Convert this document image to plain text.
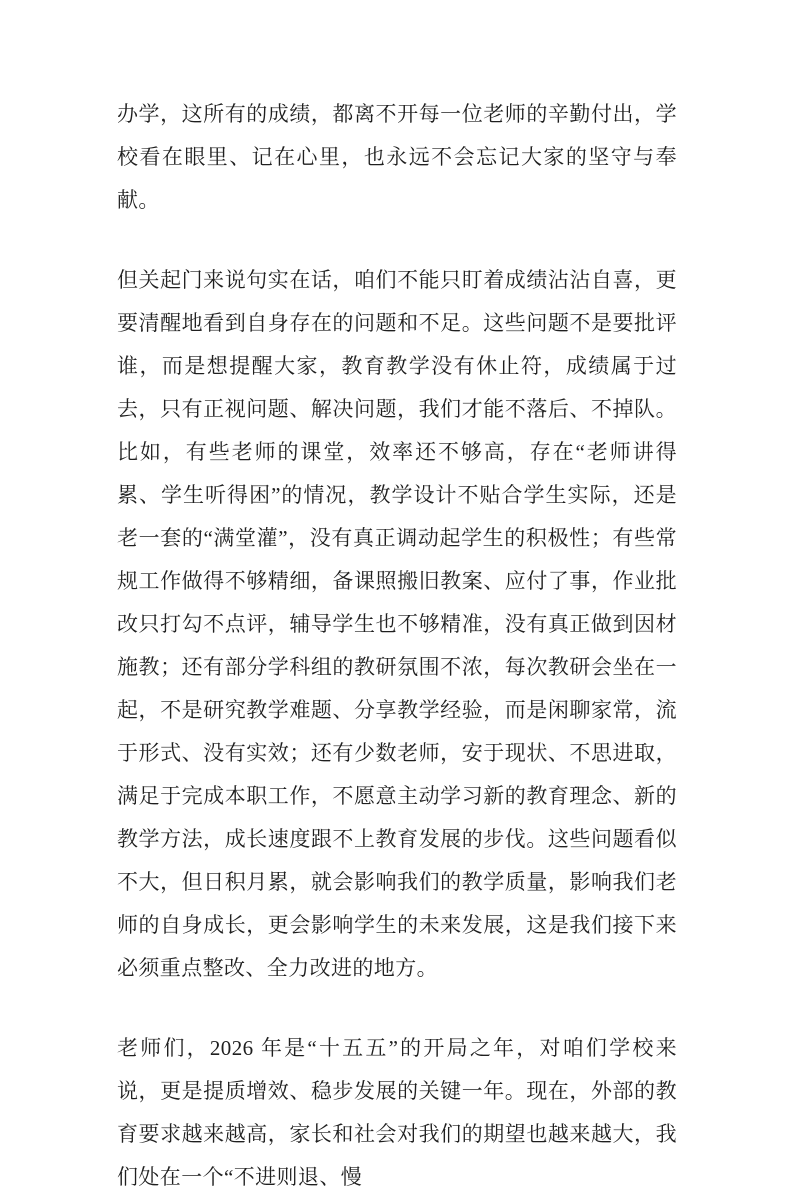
办学，这所有的成绩，都离不开每一位老师的辛勤付出，学校看在眼里、记在心里，也永远不会忘记大家的坚守与奉献。

但关起门来说句实在话，咱们不能只盯着成绩沾沾自喜，更要清醒地看到自身存在的问题和不足。这些问题不是要批评谁，而是想提醒大家，教育教学没有休止符，成绩属于过去，只有正视问题、解决问题，我们才能不落后、不掉队。比如，有些老师的课堂，效率还不够高，存在“老师讲得累、学生听得困”的情况，教学设计不贴合学生实际，还是老一套的“满堂灌”，没有真正调动起学生的积极性；有些常规工作做得不够精细，备课照搬旧教案、应付了事，作业批改只打勾不点评，辅导学生也不够精准，没有真正做到因材施教；还有部分学科组的教研氛围不浓，每次教研会坐在一起，不是研究教学难题、分享教学经验，而是闲聊家常，流于形式、没有实效；还有少数老师，安于现状、不思进取，满足于完成本职工作，不愿意主动学习新的教育理念、新的教学方法，成长速度跟不上教育发展的步伐。这些问题看似不大，但日积月累，就会影响我们的教学质量，影响我们老师的自身成长，更会影响学生的未来发展，这是我们接下来必须重点整改、全力改进的地方。

老师们，2026 年是“十五五”的开局之年，对咱们学校来说，更是提质增效、稳步发展的关键一年。现在，外部的教育要求越来越高，家长和社会对我们的期望也越来越大，我们处在一个“不进则退、慢
